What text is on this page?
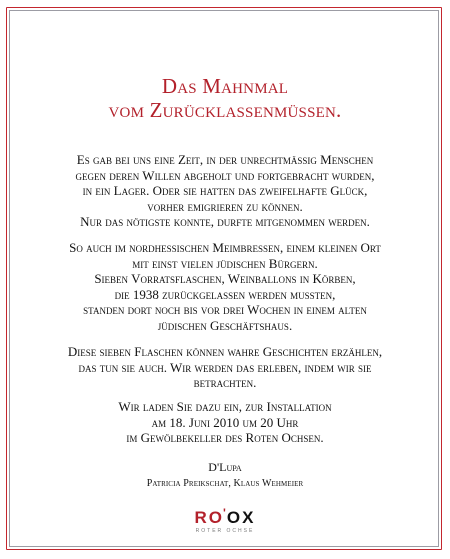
Das Mahnmal
vom Zurücklassenmüssen.
Es gab bei uns eine Zeit, in der unrechtmässig Menschen
gegen deren Willen abgeholt und fortgebracht wurden,
in ein Lager. Oder sie hatten das zweifelhafte Glück,
vorher emigrieren zu können.
Nur das nötigste konnte, durfte mitgenommen werden.
So auch im nordhessischen Meimbressen, einem kleinen Ort
mit einst vielen jüdischen Bürgern.
Sieben Vorratsflaschen, Weinballons in Körben,
die 1938 zurückgelassen werden mussten,
standen dort noch bis vor drei Wochen in einem alten
jüdischen Geschäftshaus.
Diese sieben Flaschen können wahre Geschichten erzählen,
das tun sie auch. Wir werden das erleben, indem wir sie
betrachten.
Wir laden Sie dazu ein, zur Installation
am 18. Juni 2010 um 20 Uhr
im Gewölbekeller des Roten Ochsen.
D'Lupa
Patricia Preikschat, Klaus Wehmeier
RO'OX
ROTER OCHSE
